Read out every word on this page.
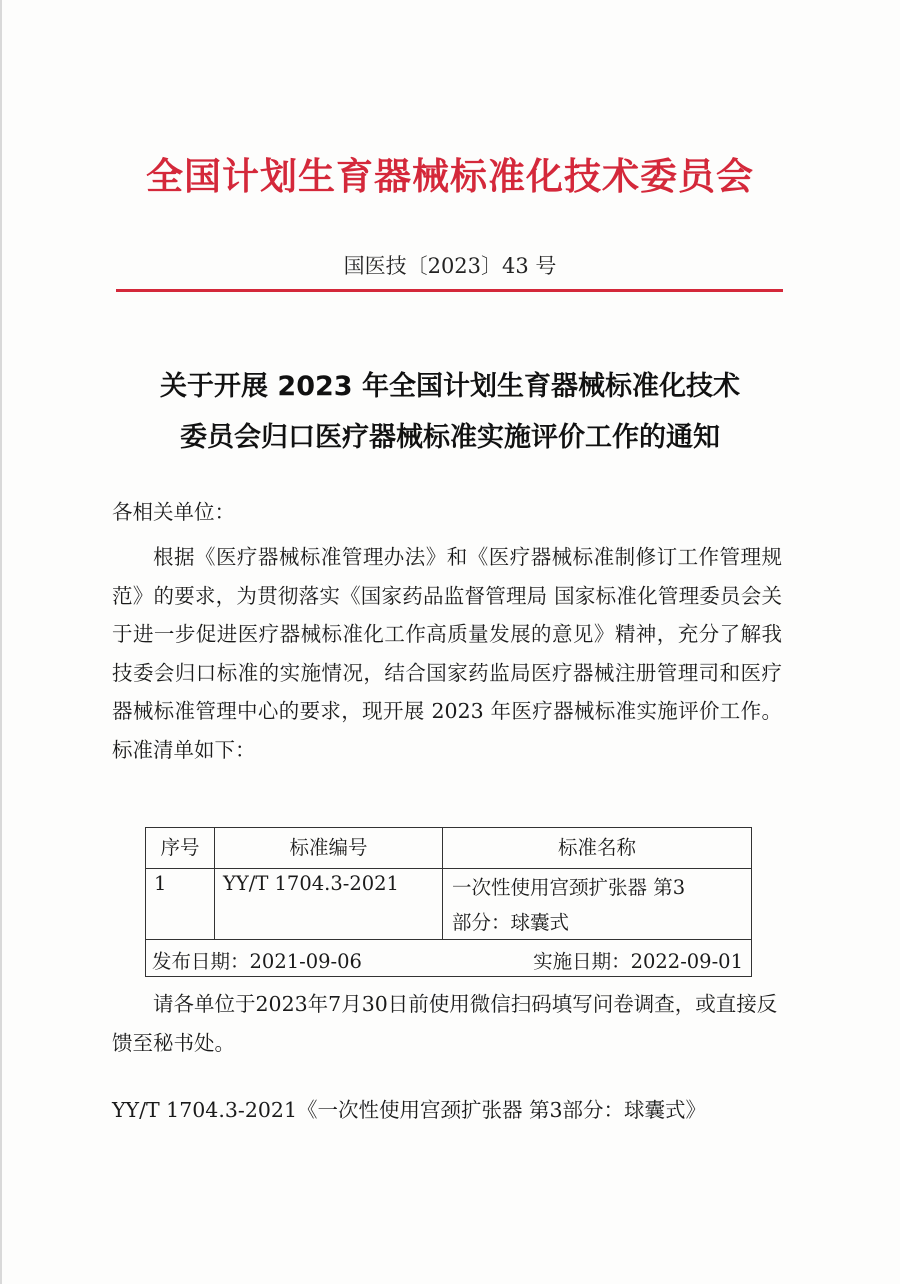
全国计划生育器械标准化技术委员会
国医技〔2023〕43 号
关于开展 2023 年全国计划生育器械标准化技术
委员会归口医疗器械标准实施评价工作的通知
各相关单位：
根据《医疗器械标准管理办法》和《医疗器械标准制修订工作管理规范》的要求，为贯彻落实《国家药品监督管理局 国家标准化管理委员会关于进一步促进医疗器械标准化工作高质量发展的意见》精神，充分了解我技委会归口标准的实施情况，结合国家药监局医疗器械注册管理司和医疗器械标准管理中心的要求，现开展 2023 年医疗器械标准实施评价工作。标准清单如下：
序号	标准编号	标准名称
1	YY/T 1704.3-2021	一次性使用宫颈扩张器 第3
部分：球囊式
发布日期：2021-09-06	实施日期：2022-09-01
请各单位于2023年7月30日前使用微信扫码填写问卷调查，或直接反馈至秘书处。
YY/T 1704.3-2021《一次性使用宫颈扩张器 第3部分：球囊式》
